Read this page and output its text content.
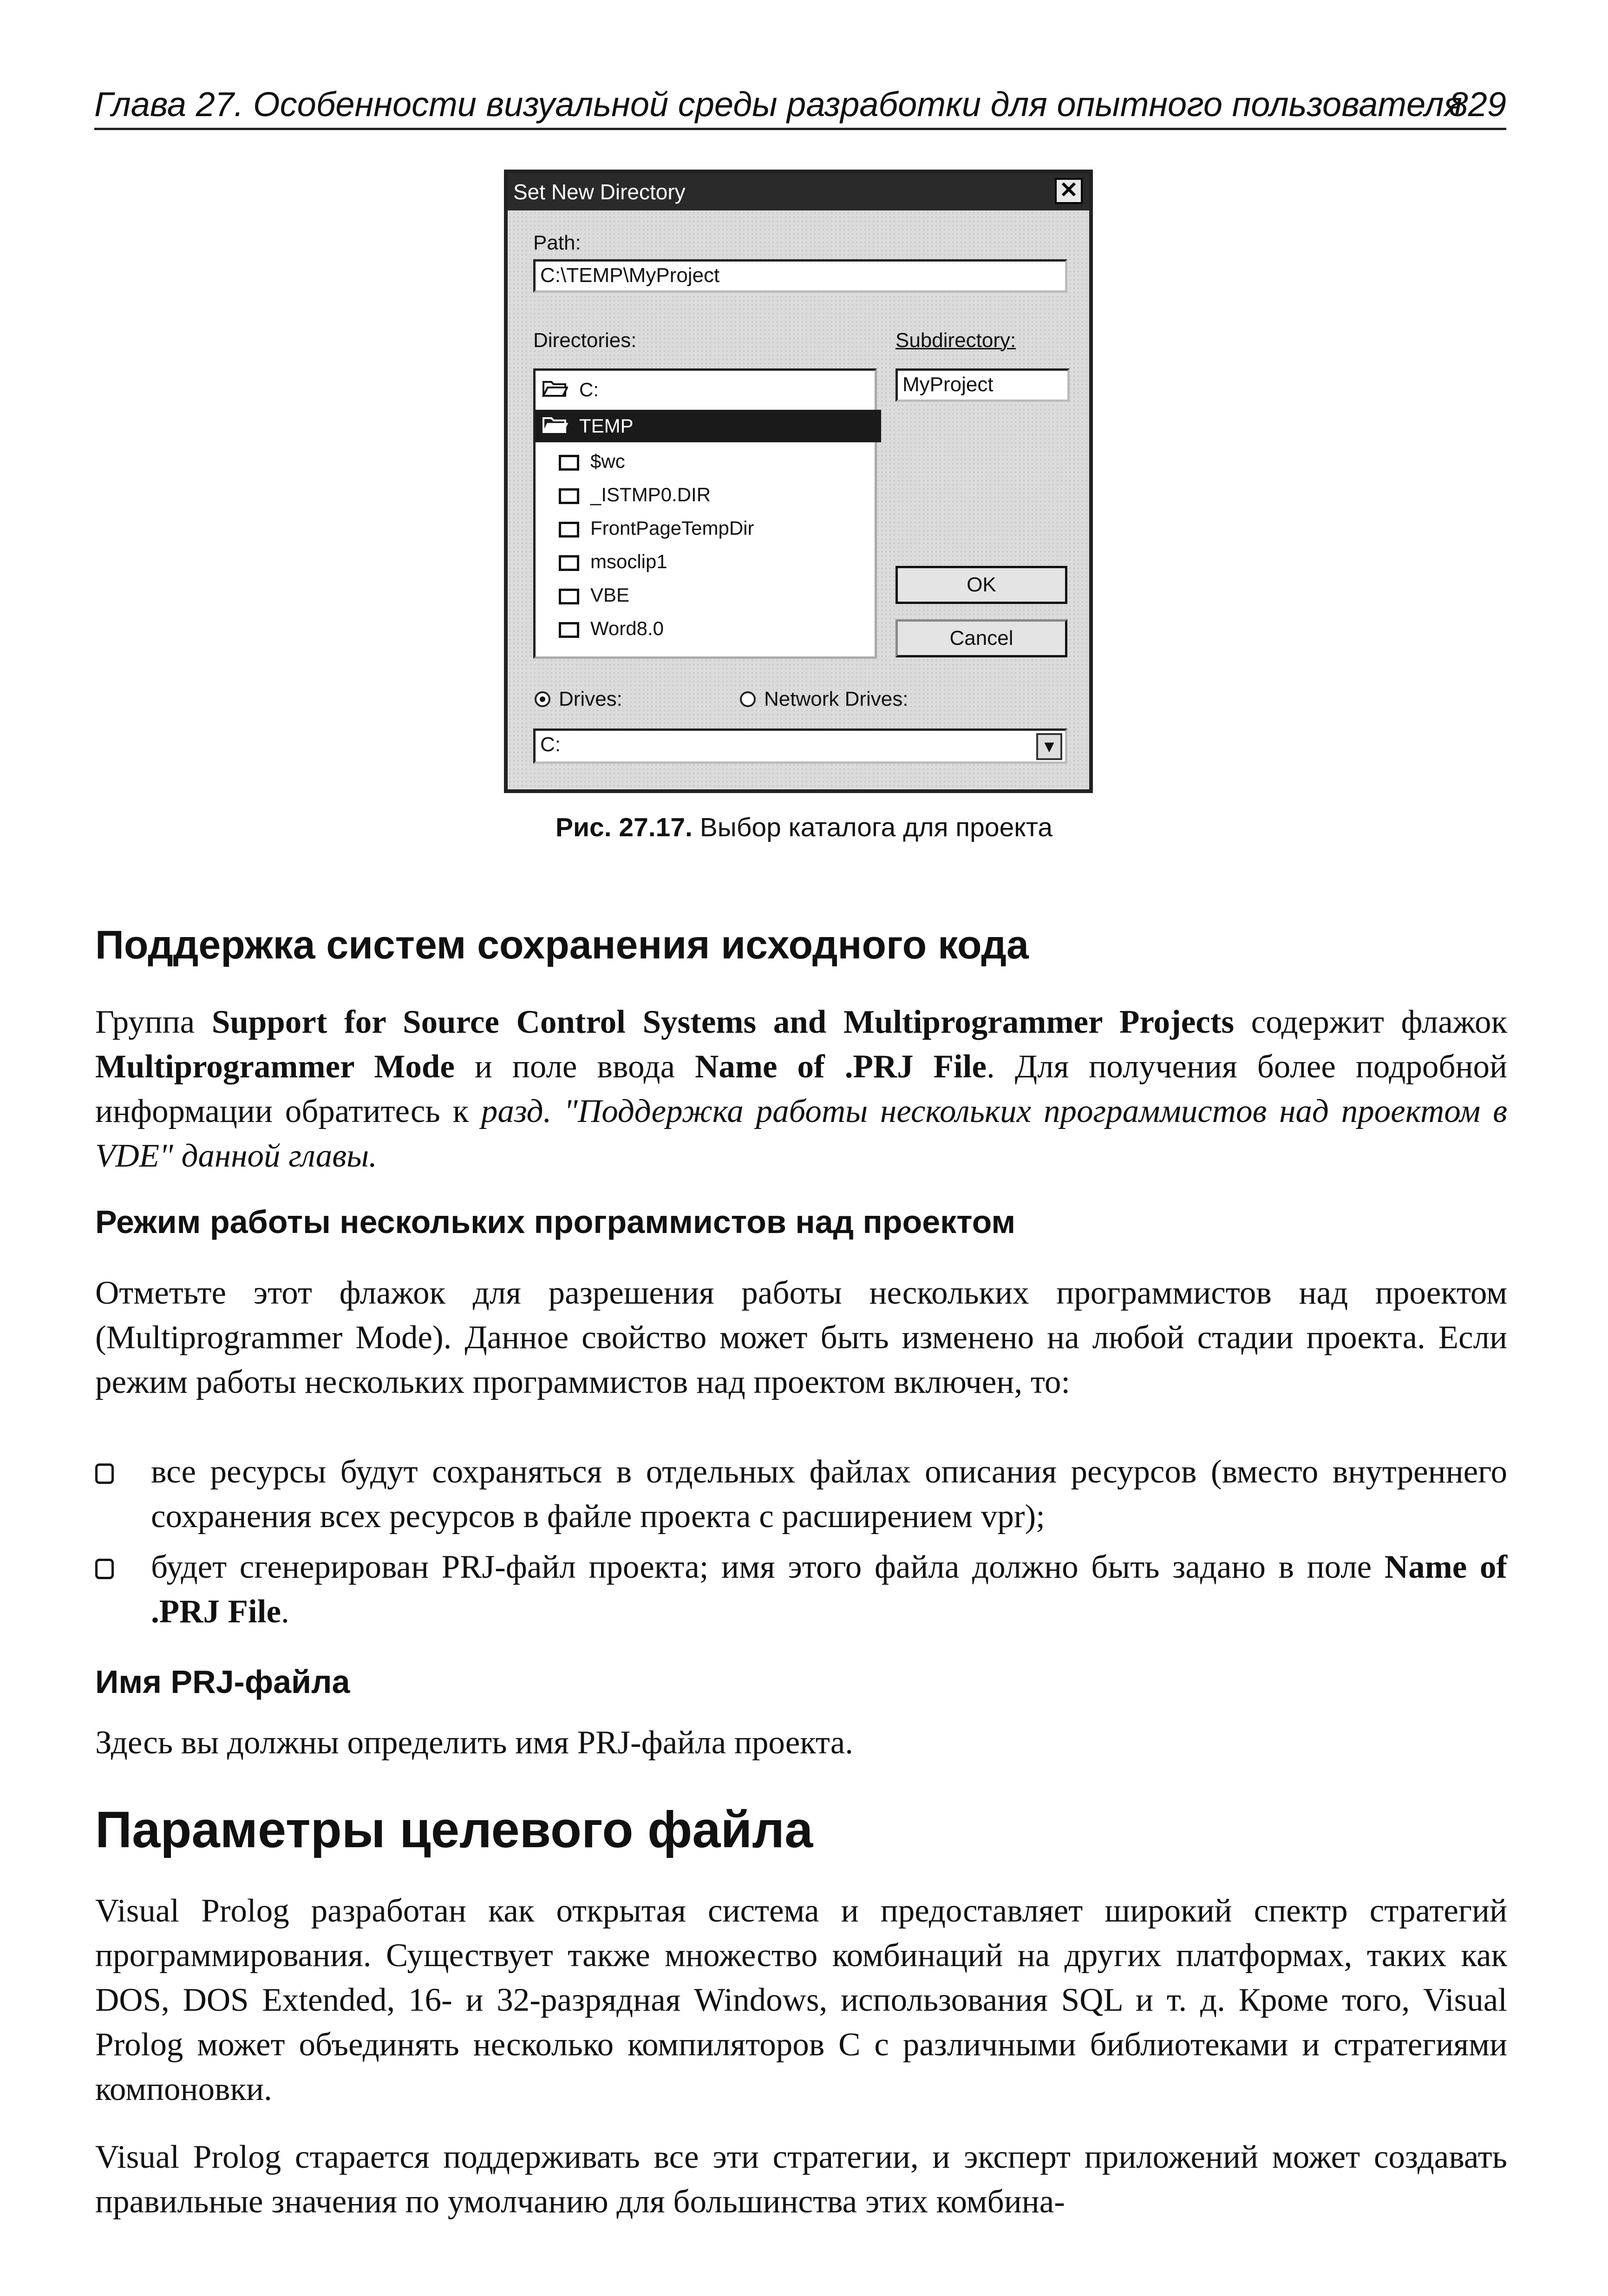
Глава 27. Особенности визуальной среды разработки для опытного пользователя
829
Set New Directory	✕
Path:
C:\TEMP\MyProject
Directories:	Subdirectory:
C:
TEMP
$wc
_ISTMP0.DIR
FrontPageTempDir
msoclip1
VBE
Word8.0
MyProject
OK
Cancel
Drives:	Network Drives:
C:	▼
Рис. 27.17. Выбор каталога для проекта
Поддержка систем сохранения исходного кода

Группа Support for Source Control Systems and Multiprogrammer Projects содержит флажок Multiprogrammer Mode и поле ввода Name of .PRJ File. Для получения более подробной информации обратитесь к разд. "Поддержка работы нескольких программистов над проектом в VDE" данной главы.

Режим работы нескольких программистов над проектом

Отметьте этот флажок для разрешения работы нескольких программистов над проектом (Multiprogrammer Mode). Данное свойство может быть изменено на любой стадии проекта. Если режим работы нескольких программистов над проектом включен, то:

все ресурсы будут сохраняться в отдельных файлах описания ресурсов (вместо внутреннего сохранения всех ресурсов в файле проекта с расширением vpr);

будет сгенерирован PRJ-файл проекта; имя этого файла должно быть задано в поле Name of .PRJ File.

Имя PRJ-файла

Здесь вы должны определить имя PRJ-файла проекта.

Параметры целевого файла

Visual Prolog разработан как открытая система и предоставляет широкий спектр стратегий программирования. Существует также множество комбинаций на других платформах, таких как DOS, DOS Extended, 16- и 32-разрядная Windows, использования SQL и т. д. Кроме того, Visual Prolog может объединять несколько компиляторов C с различными библиотеками и стратегиями компоновки.

Visual Prolog старается поддерживать все эти стратегии, и эксперт приложений может создавать правильные значения по умолчанию для большинства этих комбина-
